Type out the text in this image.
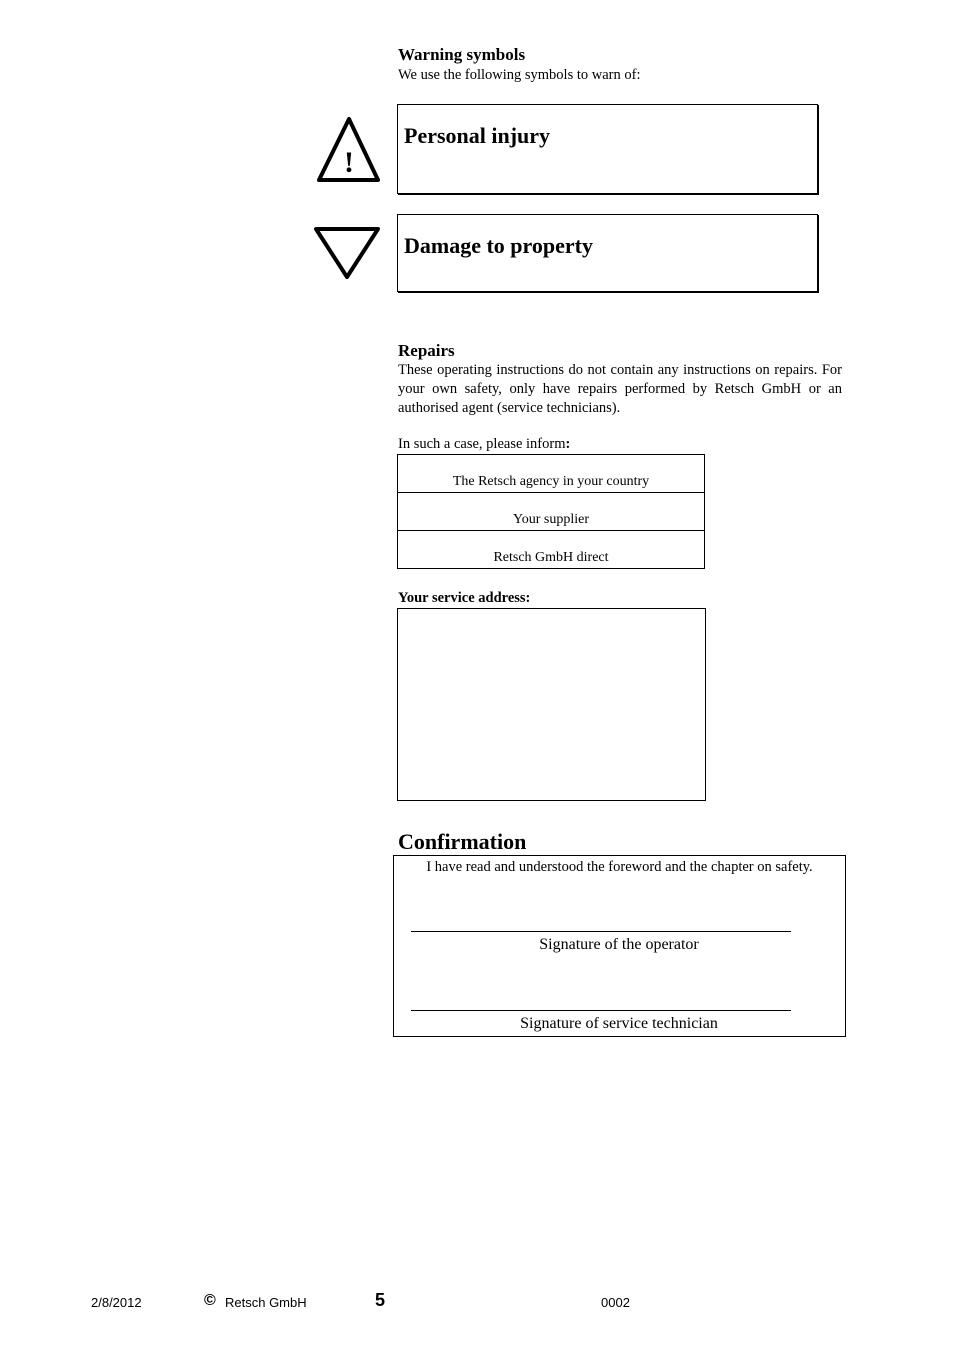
Warning symbols
We use the following symbols to warn of:
!
Personal injury
Damage to property
Repairs
These operating instructions do not contain any instructions on repairs. For your own safety, only have repairs performed by Retsch GmbH or an authorised agent (service technicians).
In such a case, please inform:
The Retsch agency in your country
Your supplier
Retsch GmbH direct
Your service address:
Confirmation
I have read and understood the foreword and the chapter on safety.
Signature of the operator
Signature of service technician
2/8/2012	© Retsch GmbH	5	0002
